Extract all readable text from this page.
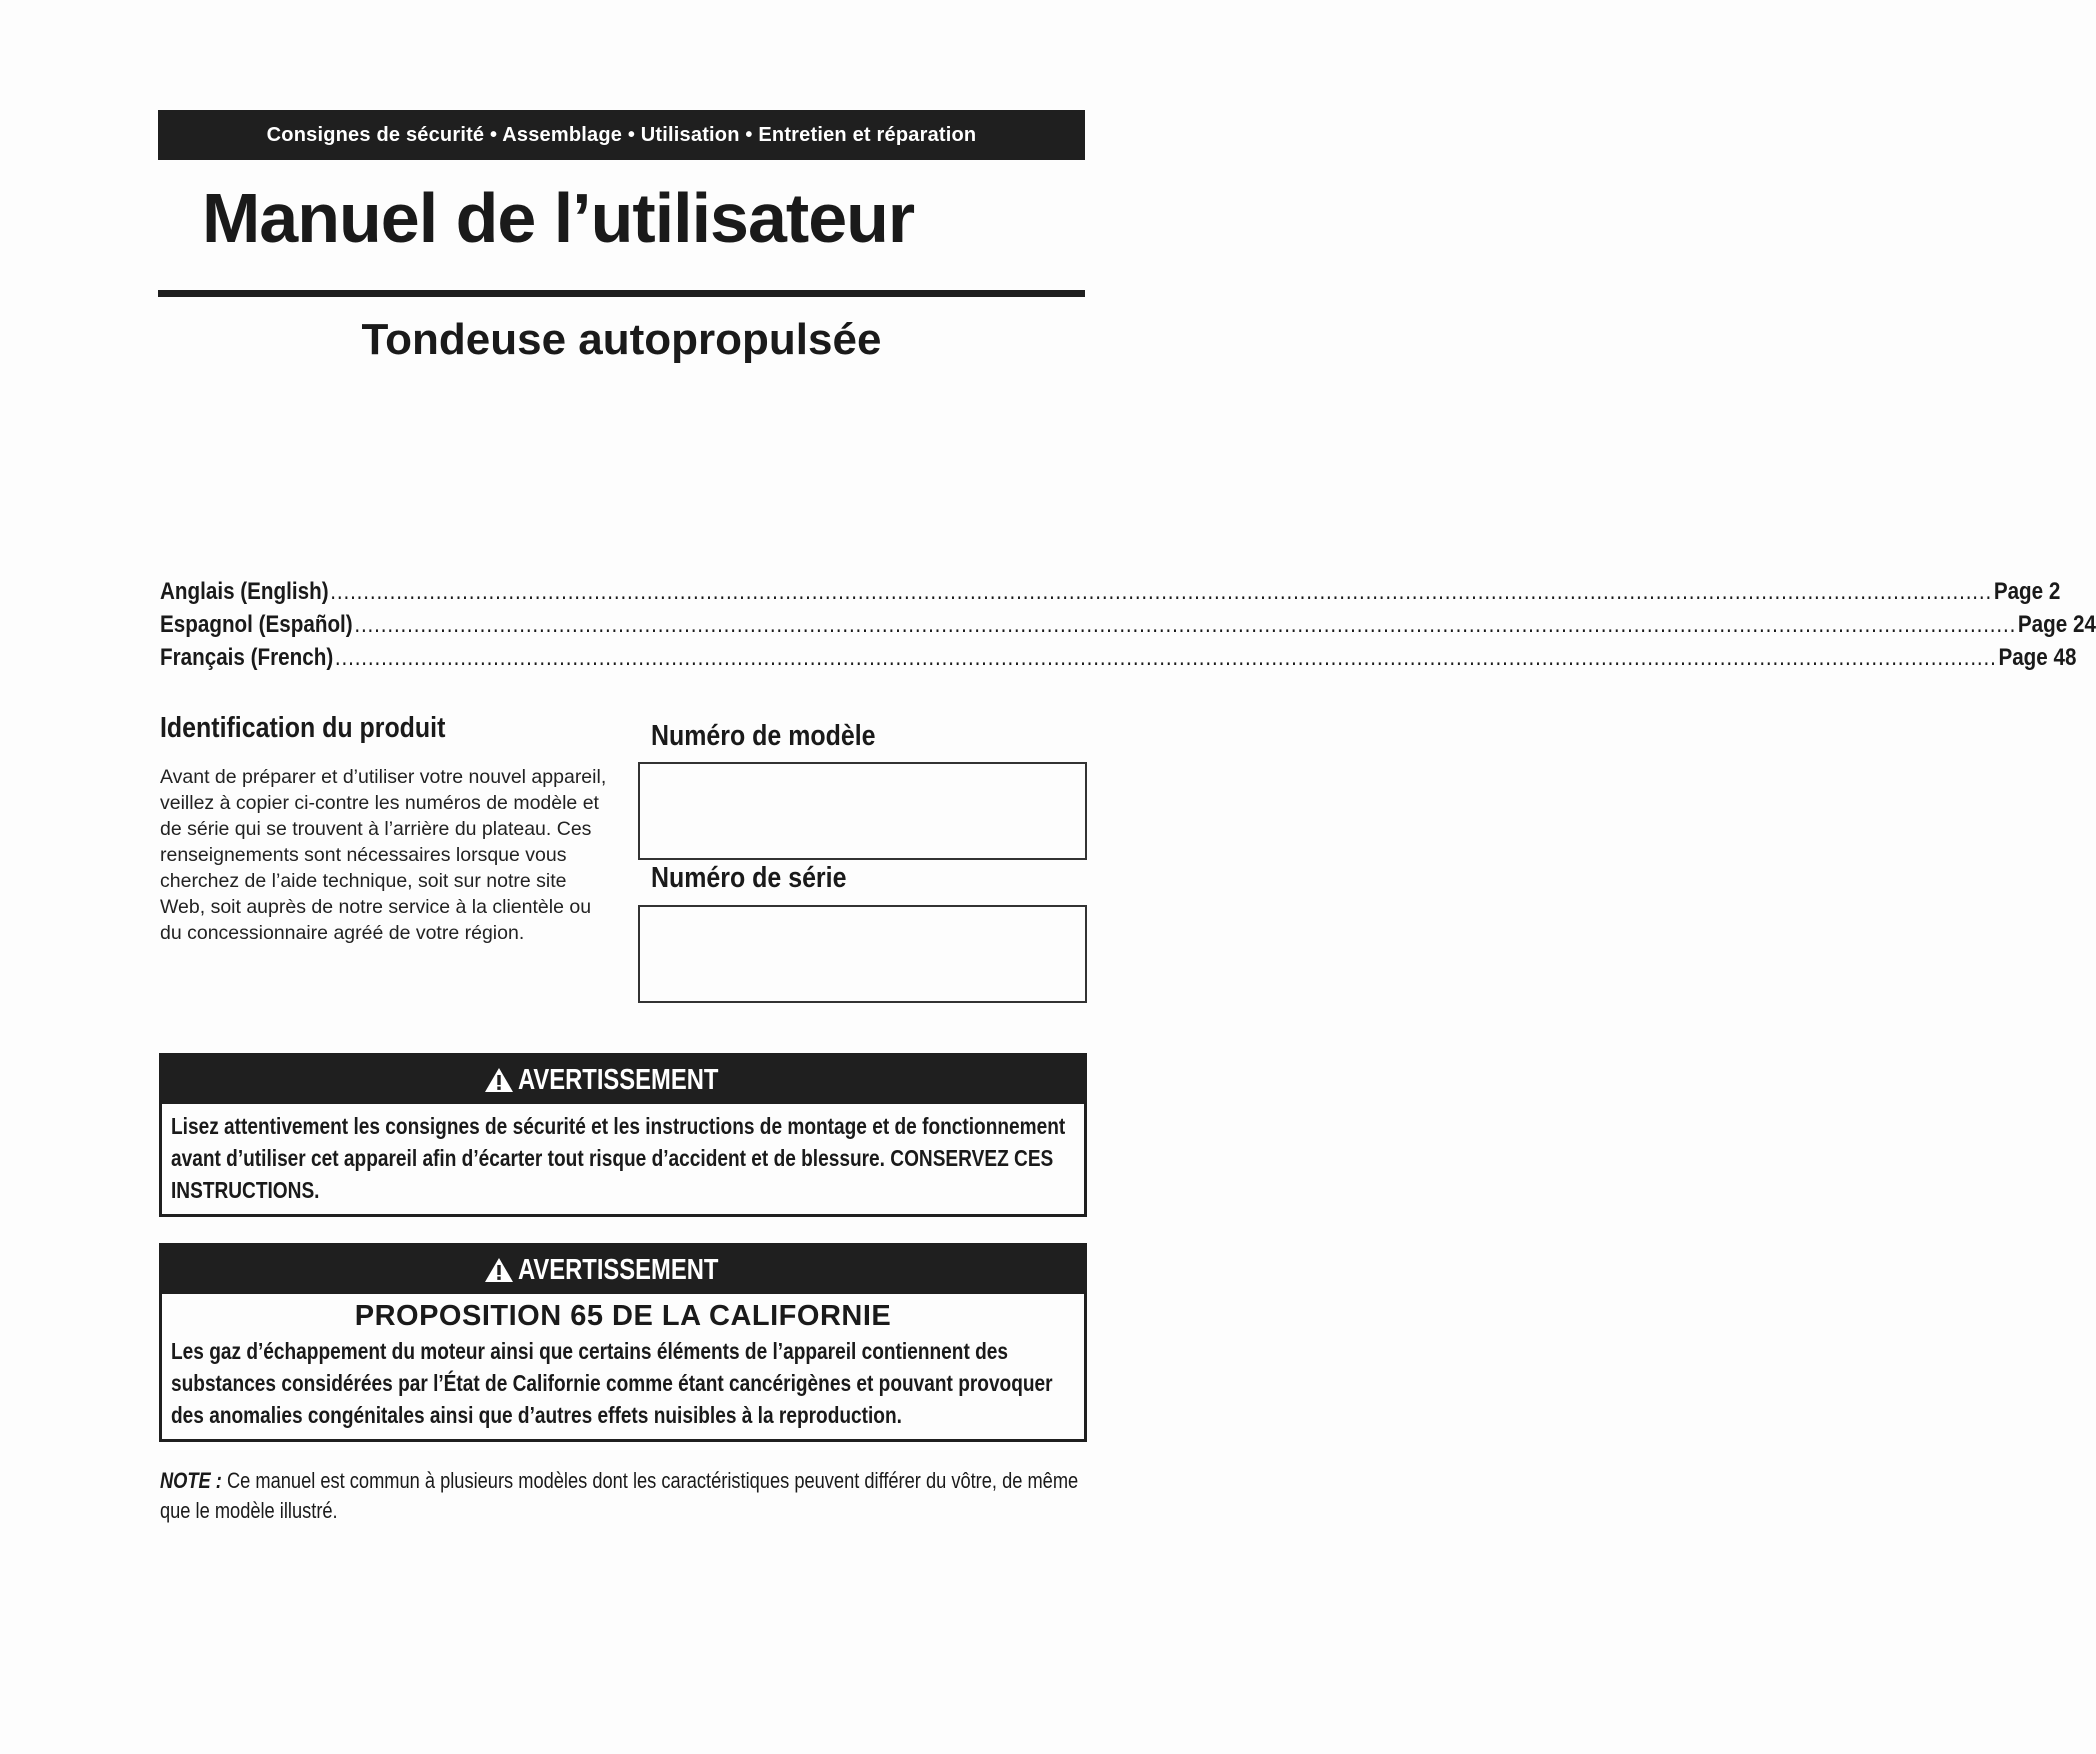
Consignes de sécurité • Assemblage • Utilisation • Entretien et réparation
Manuel de l’utilisateur
Tondeuse autopropulsée
Anglais (English) ............................................................................................................................................................................................................................................................ Page 2
Espagnol (Español) ............................................................................................................................................................................................................................................................ Page 24
Français (French) ............................................................................................................................................................................................................................................................ Page 48
Identification du produit
Avant de préparer et d’utiliser votre nouvel appareil, veillez à copier ci-contre les numéros de modèle et de série qui se trouvent à l’arrière du plateau. Ces renseignements sont nécessaires lorsque vous cherchez de l’aide technique, soit sur notre site Web, soit auprès de notre service à la clientèle ou du concessionnaire agréé de votre région.
Numéro de modèle
Numéro de série
AVERTISSEMENT
Lisez attentivement les consignes de sécurité et les instructions de montage et de fonctionnement avant d’utiliser cet appareil afin d’écarter tout risque d’accident et de blessure. CONSERVEZ CES INSTRUCTIONS.
AVERTISSEMENT
PROPOSITION 65 DE LA CALIFORNIE
Les gaz d’échappement du moteur ainsi que certains éléments de l’appareil contiennent des substances considérées par l’État de Californie comme étant cancérigènes et pouvant provoquer des anomalies congénitales ainsi que d’autres effets nuisibles à la reproduction.
NOTE : Ce manuel est commun à plusieurs modèles dont les caractéristiques peuvent différer du vôtre, de même que le modèle illustré.
